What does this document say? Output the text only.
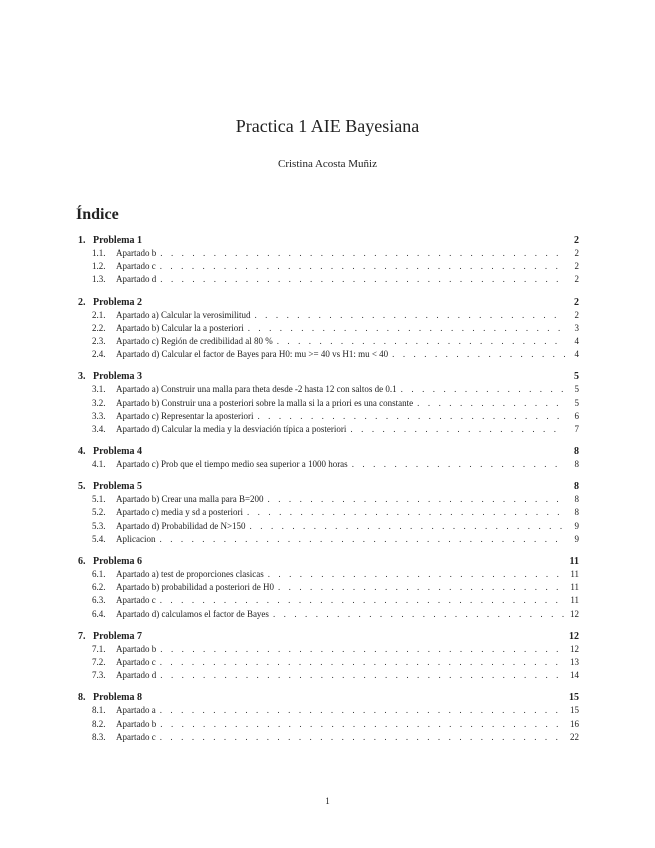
Practica 1 AIE Bayesiana
Cristina Acosta Muñiz
Índice
1. Problema 1	2
1.1.	Apartado b . . .	2
1.2.	Apartado c . . .	2
1.3.	Apartado d . . .	2
2. Problema 2	2
2.1.	Apartado a) Calcular la verosimilitud . . .	2
2.2.	Apartado b) Calcular la a posteriori . . .	3
2.3.	Apartado c) Región de credibilidad al 80 % . . .	4
2.4.	Apartado d) Calcular el factor de Bayes para H0: mu >= 40 vs H1: mu < 40 . . .	4
3. Problema 3	5
3.1.	Apartado a) Construir una malla para theta desde -2 hasta 12 con saltos de 0.1 . . .	5
3.2.	Apartado b) Construir una a posteriori sobre la malla si la a priori es una constante . . .	5
3.3.	Apartado c) Representar la aposteriori . . .	6
3.4.	Apartado d) Calcular la media y la desviación típica a posteriori . . .	7
4. Problema 4	8
4.1.	Apartado c) Prob que el tiempo medio sea superior a 1000 horas . . .	8
5. Problema 5	8
5.1.	Apartado b) Crear una malla para B=200 . . .	8
5.2.	Apartado c) media y sd a posteriori . . .	8
5.3.	Apartado d) Probabilidad de N>150 . . .	9
5.4.	Aplicacion . . .	9
6. Problema 6	11
6.1.	Apartado a) test de proporciones clasicas . . .	11
6.2.	Apartado b) probabilidad a posteriori de H0 . . .	11
6.3.	Apartado c . . .	11
6.4.	Apartado d) calculamos el factor de Bayes . . .	12
7. Problema 7	12
7.1.	Apartado b . . .	12
7.2.	Apartado c . . .	13
7.3.	Apartado d . . .	14
8. Problema 8	15
8.1.	Apartado a . . .	15
8.2.	Apartado b . . .	16
8.3.	Apartado c . . .	22
1
